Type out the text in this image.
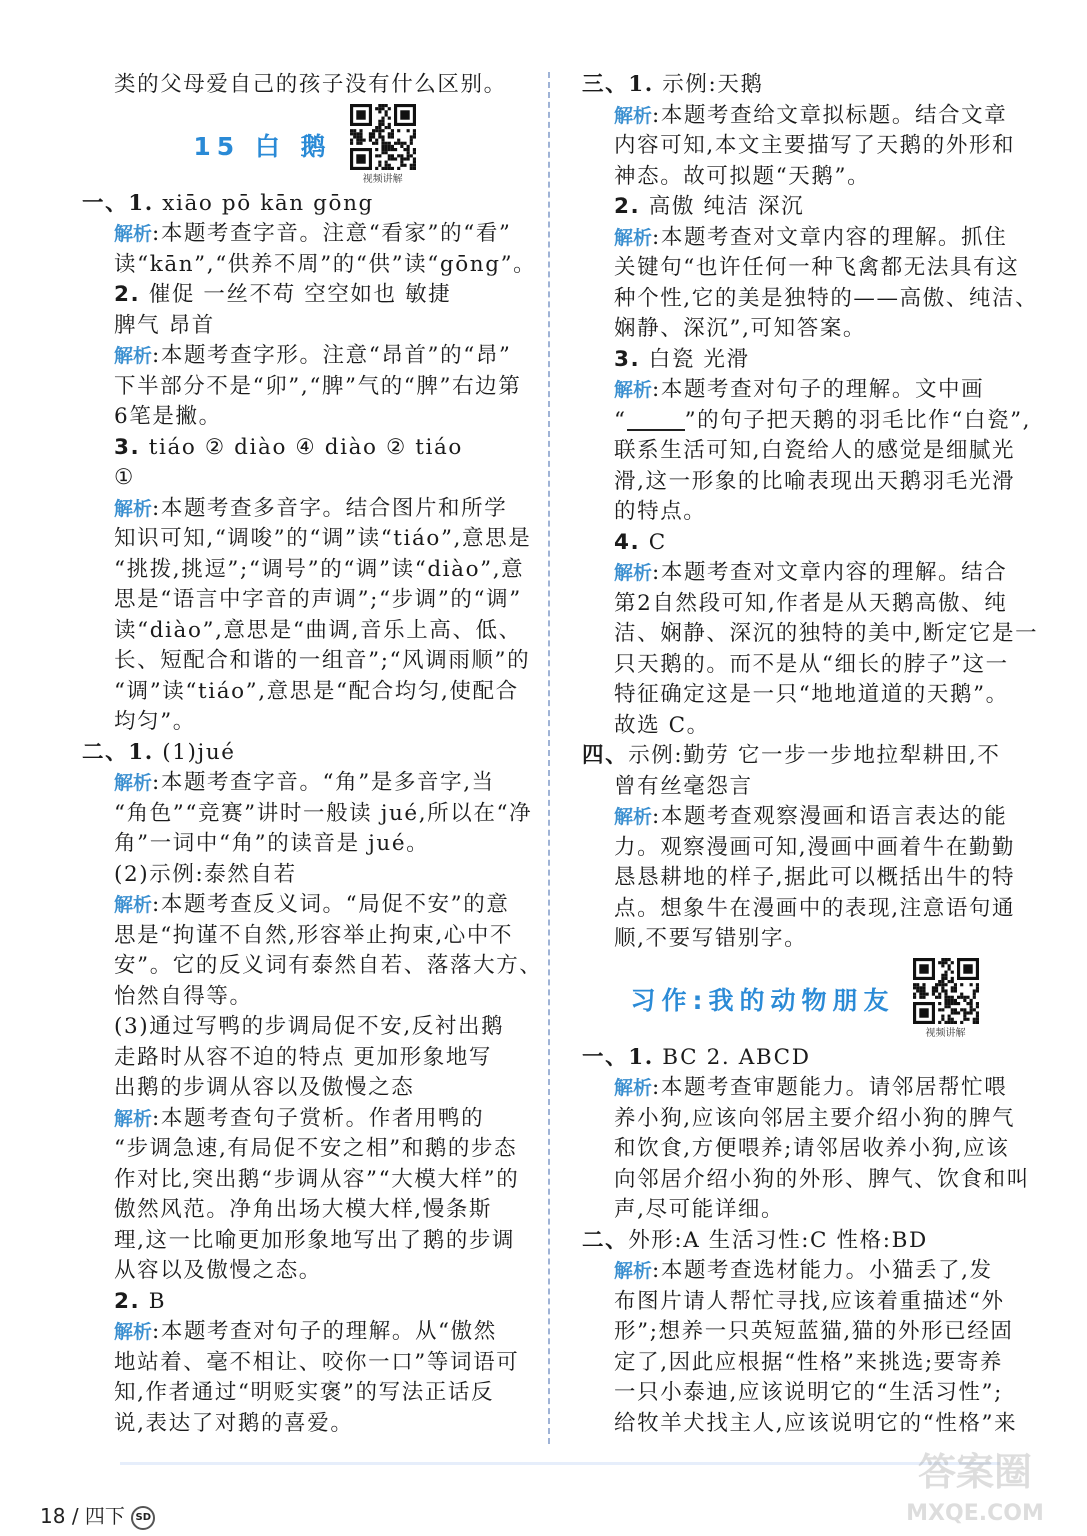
类的父母爱自己的孩子没有什么区别。
15 白 鹅
视频讲解
一、1. xiāo pō kān gōng
解析:本题考查字音。注意“看家”的“看”
读“kān”,“供养不周”的“供”读“gōng”。
2. 催促 一丝不苟 空空如也 敏捷
脾气 昂首
解析:本题考查字形。注意“昂首”的“昂”
下半部分不是“卯”,“脾”气的“脾”右边第
6笔是撇。
3. tiáo ② diào ④ diào ② tiáo
①
解析:本题考查多音字。结合图片和所学
知识可知,“调唆”的“调”读“tiáo”,意思是
“挑拨,挑逗”;“调号”的“调”读“diào”,意
思是“语言中字音的声调”;“步调”的“调”
读“diào”,意思是“曲调,音乐上高、低、
长、短配合和谐的一组音”;“风调雨顺”的
“调”读“tiáo”,意思是“配合均匀,使配合
均匀”。
二、1. (1)jué
解析:本题考查字音。“角”是多音字,当
“角色”“竞赛”讲时一般读 jué,所以在“净
角”一词中“角”的读音是 jué。
(2)示例:泰然自若
解析:本题考查反义词。“局促不安”的意
思是“拘谨不自然,形容举止拘束,心中不
安”。它的反义词有泰然自若、落落大方、
怡然自得等。
(3)通过写鸭的步调局促不安,反衬出鹅
走路时从容不迫的特点 更加形象地写
出鹅的步调从容以及傲慢之态
解析:本题考查句子赏析。作者用鸭的
“步调急速,有局促不安之相”和鹅的步态
作对比,突出鹅“步调从容”“大模大样”的
傲然风范。净角出场大模大样,慢条斯
理,这一比喻更加形象地写出了鹅的步调
从容以及傲慢之态。
2. B
解析:本题考查对句子的理解。从“傲然
地站着、毫不相让、咬你一口”等词语可
知,作者通过“明贬实褒”的写法正话反
说,表达了对鹅的喜爱。
三、1. 示例:天鹅
解析:本题考查给文章拟标题。结合文章
内容可知,本文主要描写了天鹅的外形和
神态。故可拟题“天鹅”。
2. 高傲 纯洁 深沉
解析:本题考查对文章内容的理解。抓住
关键句“也许任何一种飞禽都无法具有这
种个性,它的美是独特的——高傲、纯洁、
娴静、深沉”,可知答案。
3. 白瓷 光滑
解析:本题考查对句子的理解。文中画
“	”的句子把天鹅的羽毛比作“白瓷”,
联系生活可知,白瓷给人的感觉是细腻光
滑,这一形象的比喻表现出天鹅羽毛光滑
的特点。
4. C
解析:本题考查对文章内容的理解。结合
第2自然段可知,作者是从天鹅高傲、纯
洁、娴静、深沉的独特的美中,断定它是一
只天鹅的。而不是从“细长的脖子”这一
特征确定这是一只“地地道道的天鹅”。
故选 C。
四、示例:勤劳 它一步一步地拉犁耕田,不
曾有丝毫怨言
解析:本题考查观察漫画和语言表达的能
力。观察漫画可知,漫画中画着牛在勤勤
恳恳耕地的样子,据此可以概括出牛的特
点。想象牛在漫画中的表现,注意语句通
顺,不要写错别字。
习作:我的动物朋友
视频讲解
一、1. BC 2. ABCD
解析:本题考查审题能力。请邻居帮忙喂
养小狗,应该向邻居主要介绍小狗的脾气
和饮食,方便喂养;请邻居收养小狗,应该
向邻居介绍小狗的外形、脾气、饮食和叫
声,尽可能详细。
二、外形:A 生活习性:C 性格:BD
解析:本题考查选材能力。小猫丢了,发
布图片请人帮忙寻找,应该着重描述“外
形”;想养一只英短蓝猫,猫的外形已经固
定了,因此应根据“性格”来挑选;要寄养
一只小泰迪,应该说明它的“生活习性”;
给牧羊犬找主人,应该说明它的“性格”来
18 / 四下 SD
答案圈
MXQE.COM
